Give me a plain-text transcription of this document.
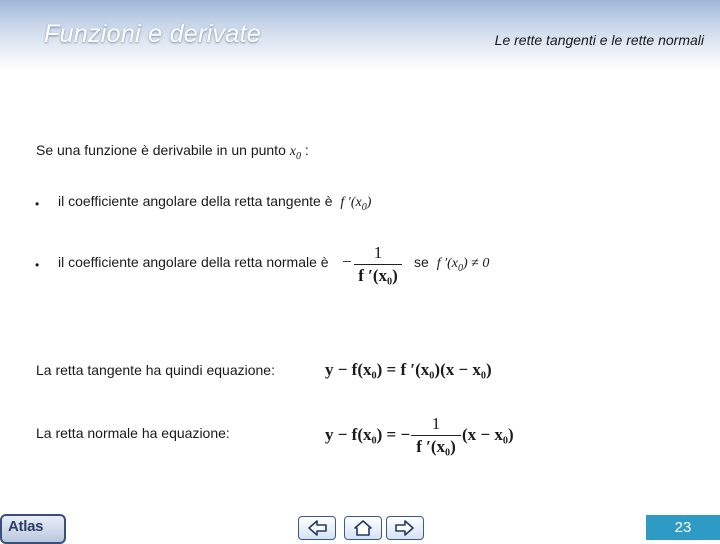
Funzioni e derivate	Le rette tangenti e le rette normali
Se una funzione è derivabile in un punto $x_0$ :
• il coefficiente angolare della retta tangente è f $'(x_0)$
• il coefficiente angolare della retta normale è −	1
f ′(x₀)
se f $'(x_0) \ne 0$
La retta tangente ha quindi equazione:	y − f(x₀) = f ′(x₀)(x − x₀)
La retta normale ha equazione:	y − f(x₀) = −
1
f ′(x₀)
(x − x₀)
Atlas	23
